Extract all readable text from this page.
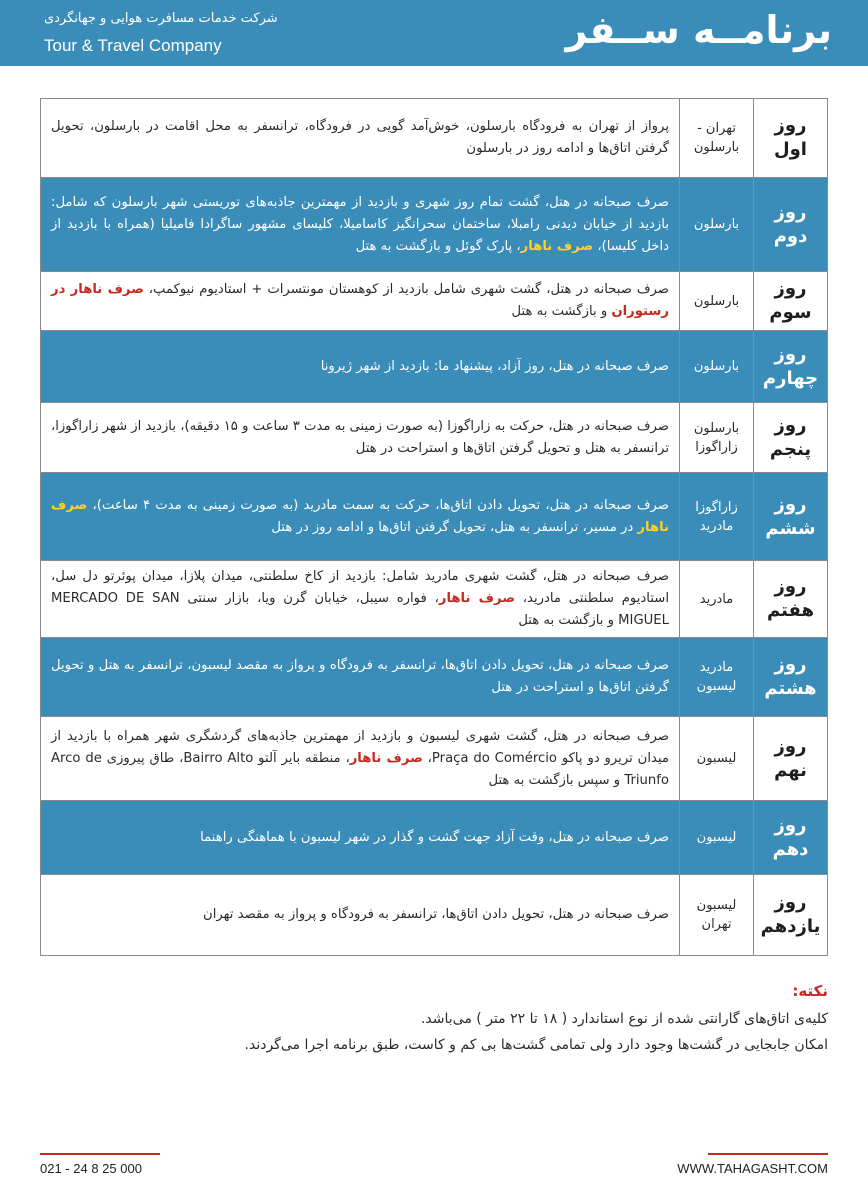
برنامــه ســفر
شرکت خدمات مسافرت هوایی و جهانگردی
Tour & Travel Company
روز
اول	تهران - بارسلون	پرواز از تهران به فرودگاه بارسلون، خوش‌آمد گویی در فرودگاه، ترانسفر به محل اقامت در بارسلون، تحویل گرفتن اتاق‌ها و ادامه روز در بارسلون

روز
دوم	بارسلون	صرف صبحانه در هتل، گشت تمام روز شهری و بازدید از مهمترین جاذبه‌های توریستی شهر بارسلون که شامل: بازدید از خیابان دیدنی رامبلا، ساختمان سحرانگیز کاسامیلا، کلیسای مشهور ساگرادا فامیلیا (همراه با بازدید از داخل کلیسا)، صرف ناهار، پارک گوئل و بازگشت به هتل

روز
سوم	بارسلون	صرف صبحانه در هتل، گشت شهری شامل بازدید از کوهستان مونتسرات + استادیوم نیوکمپ، صرف ناهار در رستوران و بازگشت به هتل

روز
چهارم	بارسلون	صرف صبحانه در هتل، روز آزاد، پیشنهاد ما: بازدید از شهر ژیرونا

روز
پنجم	بارسلون زاراگوزا	صرف صبحانه در هتل، حرکت به زاراگوزا (به صورت زمینی به مدت ۳ ساعت و ۱۵ دقیقه)، بازدید از شهر زاراگوزا، ترانسفر به هتل و تحویل گرفتن اتاق‌ها و استراحت در هتل

روز
ششم	زاراگوزا مادرید	صرف صبحانه در هتل، تحویل دادن اتاق‌ها، حرکت به سمت مادرید (به صورت زمینی به مدت ۴ ساعت)، صرف ناهار در مسیر، ترانسفر به هتل، تحویل گرفتن اتاق‌ها و ادامه روز در هتل

روز
هفتم	مادرید	صرف صبحانه در هتل، گشت شهری مادرید شامل: بازدید از کاخ سلطنتی، میدان پلازا، میدان پوئرتو دل سل، استادیوم سلطنتی مادرید، صرف ناهار، فواره سیبل، خیابان گرن ویا، بازار سنتی MERCADO DE SAN MIGUEL و بازگشت به هتل

روز
هشتم	مادرید لیسبون	صرف صبحانه در هتل، تحویل دادن اتاق‌ها، ترانسفر به فرودگاه و پرواز به مقصد لیسبون، ترانسفر به هتل و تحویل گرفتن اتاق‌ها و استراحت در هتل

روز
نهم	لیسبون	صرف صبحانه در هتل، گشت شهری لیسبون و بازدید از مهمترین جاذبه‌های گردشگری شهر همراه با بازدید از میدان تریرو دو پاکو Praça do Comércio، صرف ناهار، منطقه بایر آلتو Bairro Alto، طاق پیروزی Arco de Triunfo و سپس بازگشت به هتل

روز
دهم	لیسبون	صرف صبحانه در هتل، وقت آزاد جهت گشت و گذار در شهر لیسبون با هماهنگی راهنما

روز
یازدهم	لیسبون تهران	صرف صبحانه در هتل، تحویل دادن اتاق‌ها، ترانسفر به فرودگاه و پرواز به مقصد تهران
نکته:
کلیه‌ی اتاق‌های گارانتی شده از نوع استاندارد ( ۱۸ تا ۲۲ متر ) می‌باشد.
امکان جابجایی در گشت‌ها وجود دارد ولی تمامی گشت‌ها بی کم و کاست، طبق برنامه اجرا می‌گردند.
021 - 24 8 25 000	WWW.TAHAGASHT.COM
